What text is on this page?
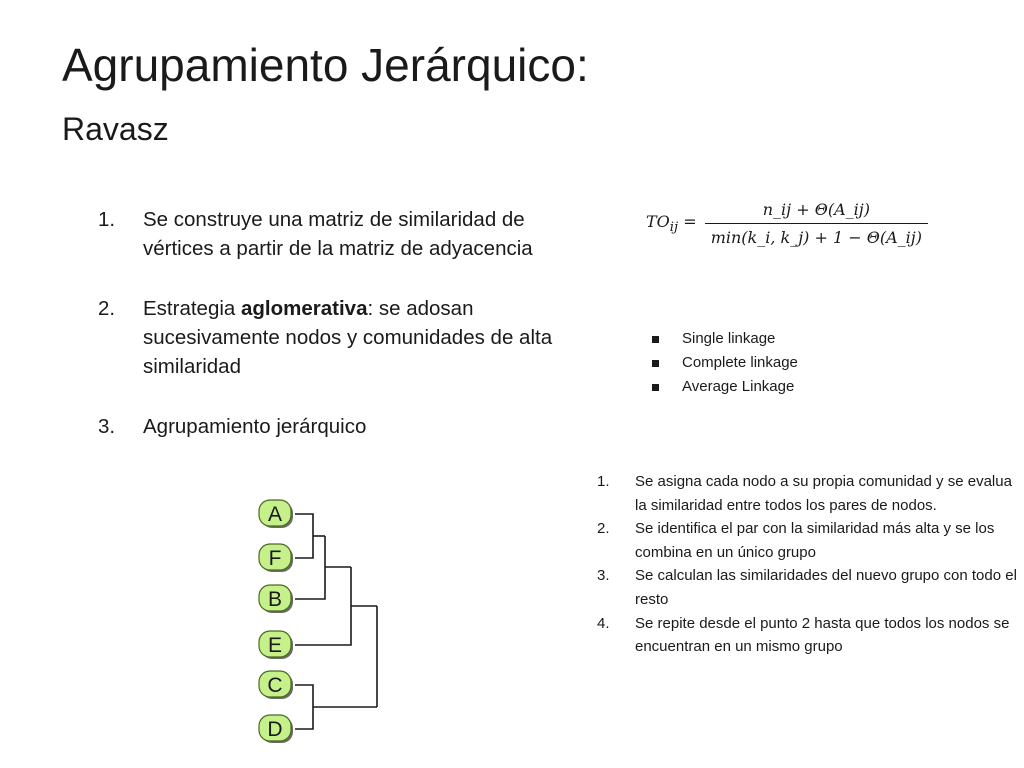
Agrupamiento Jerárquico:
Ravasz
1. Se construye una matriz de similaridad de vértices a partir de la matriz de adyacencia
2. Estrategia aglomerativa: se adosan sucesivamente nodos y comunidades de alta similaridad
3. Agrupamiento jerárquico
$TO_{ij} = \frac{n\_ij + \Theta(A\_ij)}{\min(k\_i, k\_j) + 1 - \Theta(A\_ij)}$
Single linkage
Complete linkage
Average Linkage
1. Se asigna cada nodo a su propia comunidad y se evalua la similaridad entre todos los pares de nodos.
2. Se identifica el par con la similaridad más alta y se los combina en un único grupo
3. Se calculan las similaridades del nuevo grupo con todo el resto
4. Se repite desde el punto 2 hasta que todos los nodos se encuentran en un mismo grupo
A
F
B
E
C
D
